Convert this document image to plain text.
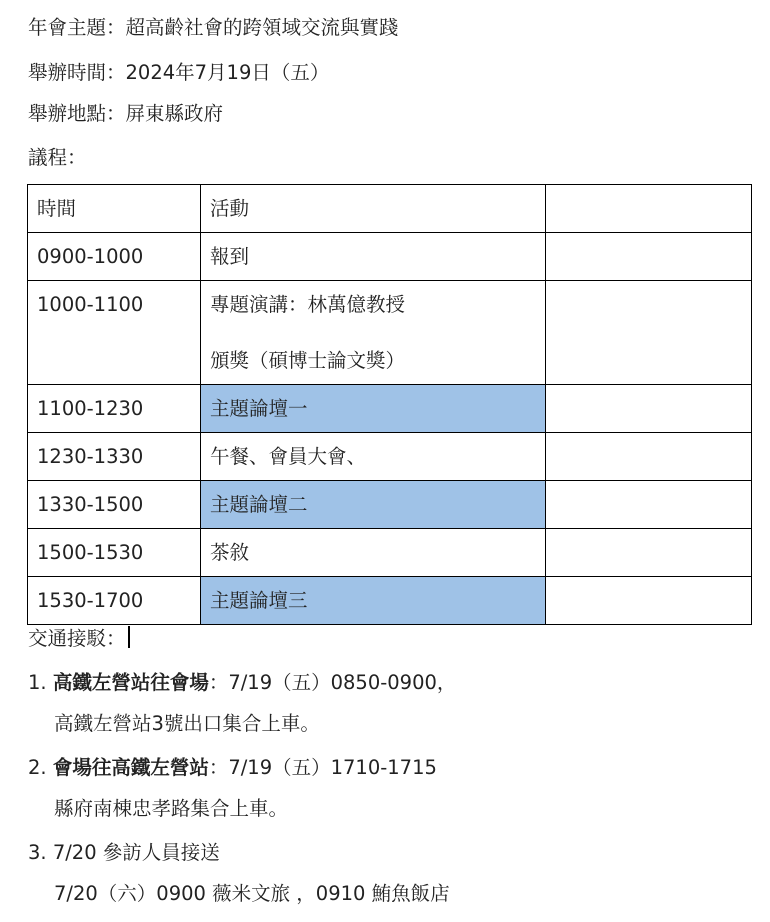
年會主題：超高齡社會的跨領域交流與實踐
舉辦時間：2024年7月19日（五）
舉辦地點：屏東縣政府
議程：
時間	活動	

0900-1000	報到	

1000-1100	專題演講：林萬億教授
頒獎（碩博士論文獎）	

1100-1230	主題論壇一	

1230-1330	午餐、會員大會、	

1330-1500	主題論壇二	

1500-1530	茶敘	

1530-1700	主題論壇三	

交通接駁：
1. 高鐵左營站往會場：7/19（五）0850-0900，
高鐵左營站3號出口集合上車。
2. 會場往高鐵左營站：7/19（五）1710-1715
縣府南棟忠孝路集合上車。
3. 7/20 參訪人員接送
7/20（六）0900 薇米文旅 ，0910 鮪魚飯店
